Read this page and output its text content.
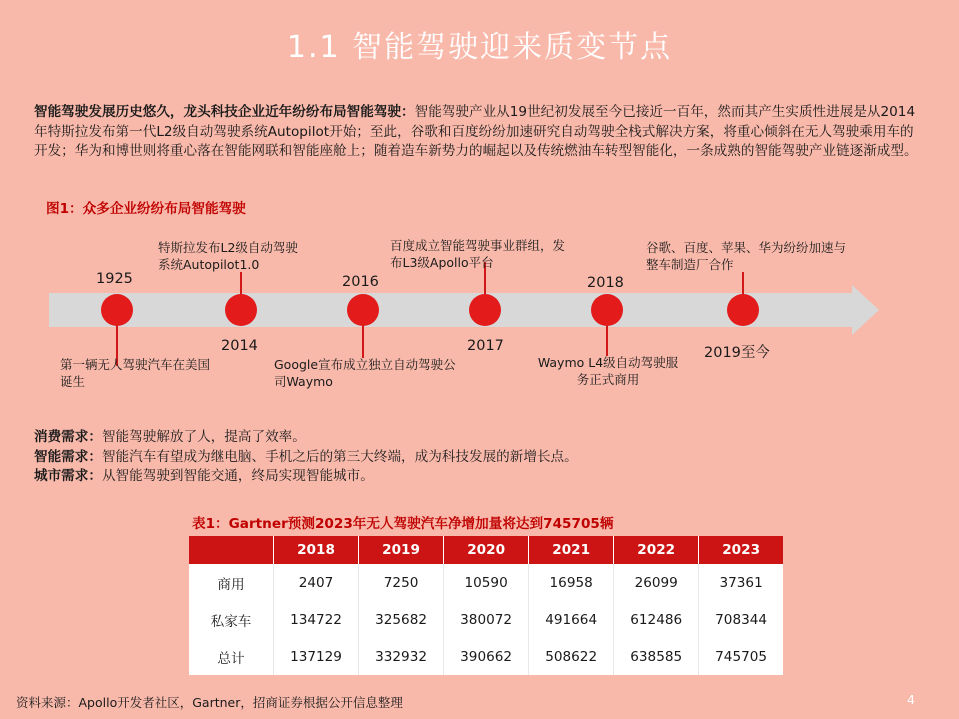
1.1 智能驾驶迎来质变节点
智能驾驶发展历史悠久，龙头科技企业近年纷纷布局智能驾驶：智能驾驶产业从19世纪初发展至今已接近一百年，然而其产生实质性进展是从2014年特斯拉发布第一代L2级自动驾驶系统Autopilot开始；至此，谷歌和百度纷纷加速研究自动驾驶全栈式解决方案，将重心倾斜在无人驾驶乘用车的开发；华为和博世则将重心落在智能网联和智能座舱上；随着造车新势力的崛起以及传统燃油车转型智能化，一条成熟的智能驾驶产业链逐渐成型。
图1：众多企业纷纷布局智能驾驶
1925
第一辆无人驾驶汽车在美国诞生
特斯拉发布L2级自动驾驶系统Autopilot1.0
2014
2016
Google宣布成立独立自动驾驶公司Waymo
百度成立智能驾驶事业群组，发布L3级Apollo平台
2017
2018
Waymo L4级自动驾驶服务正式商用
谷歌、百度、苹果、华为纷纷加速与整车制造厂合作
2019至今
消费需求：智能驾驶解放了人，提高了效率。
智能需求：智能汽车有望成为继电脑、手机之后的第三大终端，成为科技发展的新增长点。
城市需求：从智能驾驶到智能交通，终局实现智能城市。
表1：Gartner预测2023年无人驾驶汽车净增加量将达到745705辆
	2018	2019	2020	2021	2022	2023
商用	2407	7250	10590	16958	26099	37361
私家车	134722	325682	380072	491664	612486	708344
总计	137129	332932	390662	508622	638585	745705
资料来源：Apollo开发者社区，Gartner，招商证券根据公开信息整理	4
